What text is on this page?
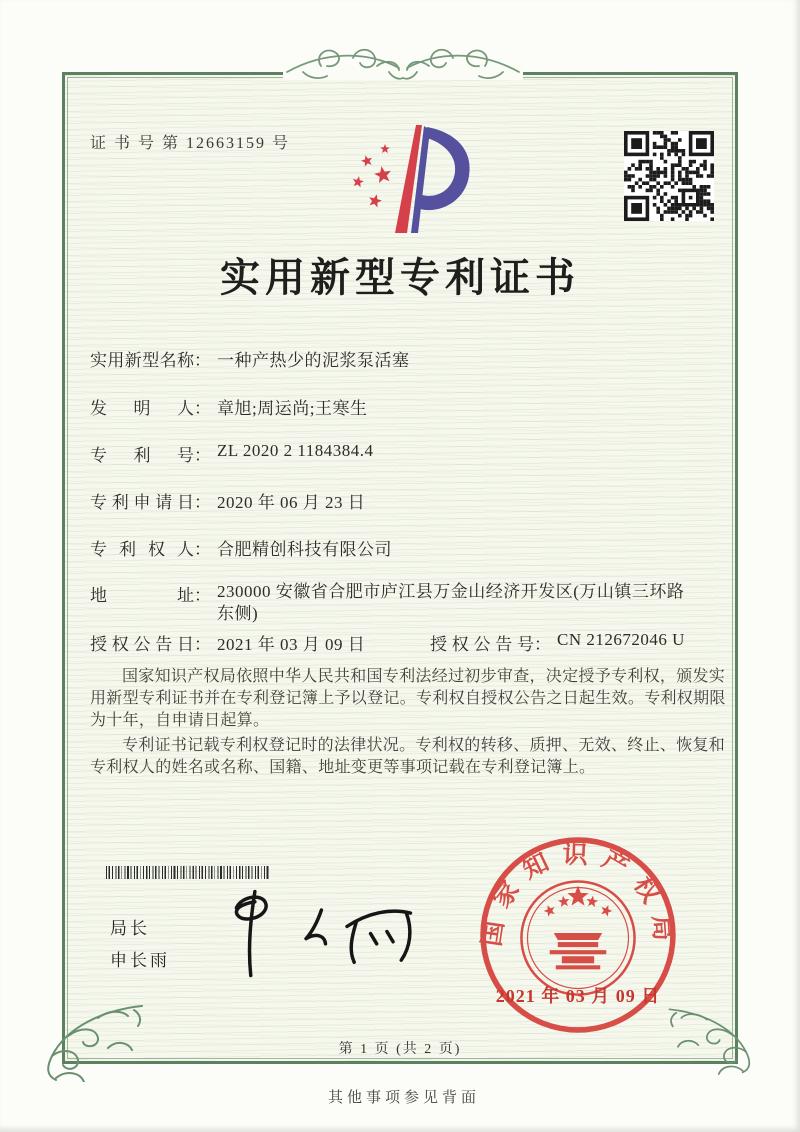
证 书 号 第 12663159 号
实用新型专利证书
实用新型名称： 一种产热少的泥浆泵活塞
发明人： 章旭;周运尚;王寒生
专利号： ZL 2020 2 1184384.4
专利申请日： 2020 年 06 月 23 日
专利权人： 合肥精创科技有限公司
地址： 230000 安徽省合肥市庐江县万金山经济开发区(万山镇三环路东侧)
授权公告日： 2021 年 03 月 09 日	授权公告号： CN 212672046 U

国家知识产权局依照中华人民共和国专利法经过初步审查，决定授予专利权，颁发实用新型专利证书并在专利登记簿上予以登记。专利权自授权公告之日起生效。专利权期限为十年，自申请日起算。

专利证书记载专利权登记时的法律状况。专利权的转移、质押、无效、终止、恢复和专利权人的姓名或名称、国籍、地址变更等事项记载在专利登记簿上。

局长
申长雨
国家知识产权局
2021 年 03 月 09 日
第 1 页 (共 2 页)
其他事项参见背面
